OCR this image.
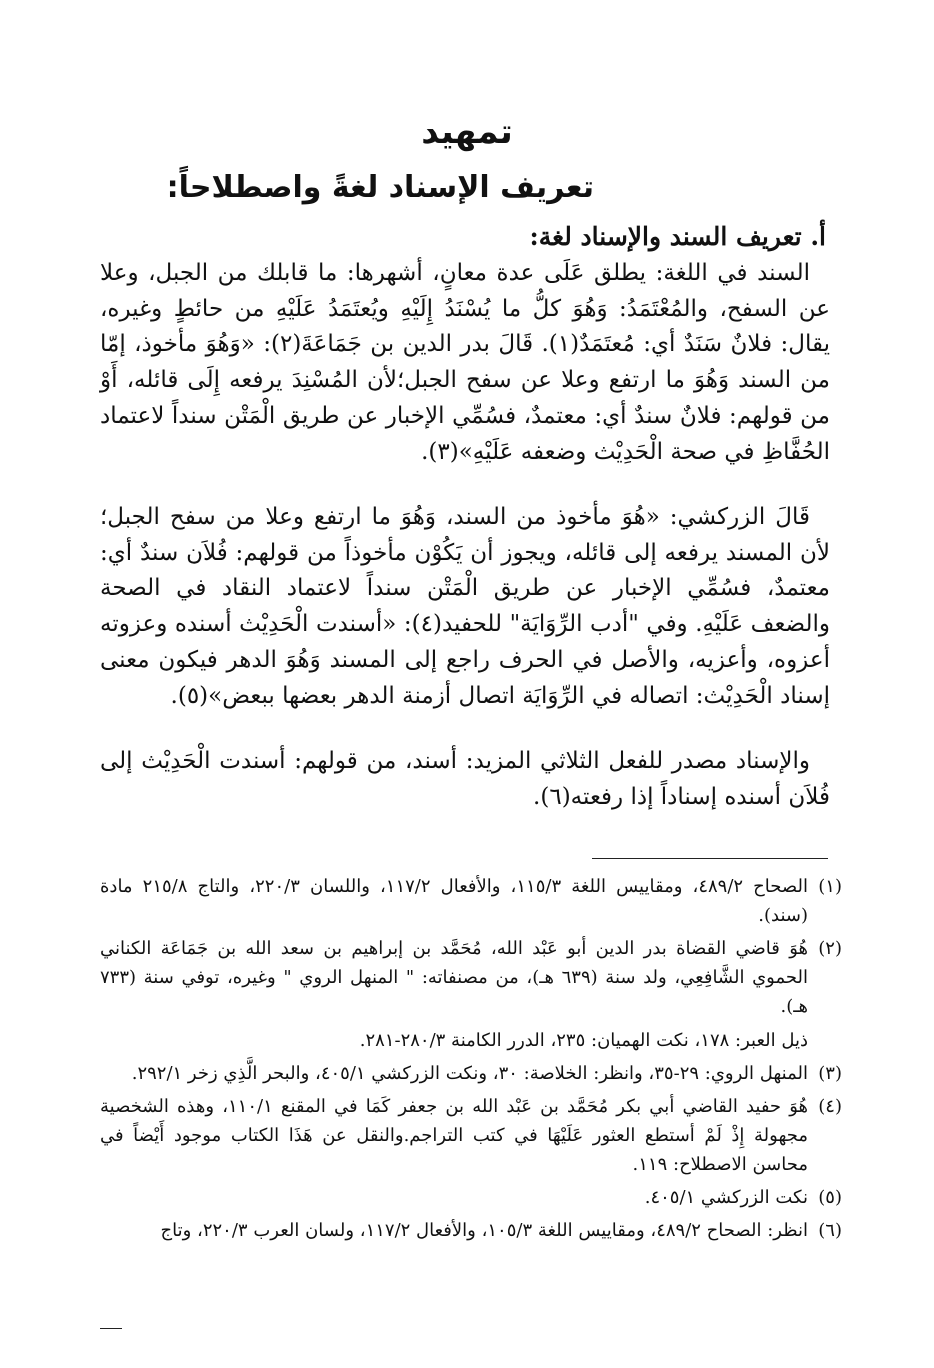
تمهيد
تعريف الإسناد لغةً واصطلاحاً:
أ. تعريف السند والإسناد لغة:
السند في اللغة: يطلق عَلَى عدة معانٍ، أشهرها: ما قابلك من الجبل، وعلا عن السفح، والمُعْتَمَدُ: وَهُوَ كلُّ ما يُسْنَدُ إِلَيْهِ ويُعتَمَدُ عَلَيْهِ من حائطٍ وغيره، يقال: فلانٌ سَنَدٌ أي: مُعتَمَدٌ(١). قَالَ بدر الدين بن جَمَاعَةَ(٢): «وَهُوَ مأخوذ، إمّا من السند وَهُوَ ما ارتفع وعلا عن سفح الجبل؛لأن المُسْنِدَ يرفعه إِلَى قائله، أَوْ من قولهم: فلانٌ سندٌ أي: معتمدٌ، فسُمِّي الإخبار عن طريق الْمَتْن سنداً لاعتماد الحُفَّاظِ في صحة الْحَدِيْث وضعفه عَلَيْهِ»(٣).
قَالَ الزركشي: «هُوَ مأخوذ من السند، وَهُوَ ما ارتفع وعلا من سفح الجبل؛ لأن المسند يرفعه إلى قائله، ويجوز أن يَكُوْن مأخوذاً من قولهم: فُلاَن سندٌ أي: معتمدٌ، فسُمِّي الإخبار عن طريق الْمَتْن سنداً لاعتماد النقاد في الصحة والضعف عَلَيْهِ. وفي "أدب الرِّوَايَة" للحفيد(٤): «أسندت الْحَدِيْث أسنده وعزوته أعزوه، وأعزيه، والأصل في الحرف راجع إلى المسند وَهُوَ الدهر فيكون معنى إسناد الْحَدِيْث: اتصاله في الرِّوَايَة اتصال أزمنة الدهر بعضها ببعض»(٥).
والإسناد مصدر للفعل الثلاثي المزيد: أسند، من قولهم: أسندت الْحَدِيْث إلى فُلاَن أسنده إسناداً إذا رفعته(٦).
(١)

الصحاح ٤٨٩/٢، ومقاييس اللغة ١١٥/٣، والأفعال ١١٧/٢، واللسان ٢٢٠/٣، والتاج ٢١٥/٨ مادة (سند).

(٢)

هُوَ قاضي القضاة بدر الدين أبو عَبْد الله، مُحَمَّد بن إبراهيم بن سعد الله بن جَمَاعَة الكناني الحموي الشَّافِعِي، ولد سنة (٦٣٩ هـ)، من مصنفاته: " المنهل الروي " وغيره، توفي سنة (٧٣٣ هـ).

ذيل العبر: ١٧٨، نكت الهميان: ٢٣٥، الدرر الكامنة ٢٨٠/٣-٢٨١.

(٣)

المنهل الروي: ٢٩-٣٥، وانظر: الخلاصة: ٣٠، ونكت الزركشي ٤٠٥/١، والبحر الَّذِي زخر ٢٩٢/١.

(٤)

هُوَ حفيد القاضي أبي بكر مُحَمَّد بن عَبْد الله بن جعفر كَمَا في المقنع ١١٠/١، وهذه الشخصية مجهولة إِذْ لَمْ أستطع العثور عَلَيْهَا في كتب التراجم.والنقل عن هَذَا الكتاب موجود أَيْضاً في محاسن الاصطلاح: ١١٩.

(٥)

نكت الزركشي ٤٠٥/١.

(٦)

انظر: الصحاح ٤٨٩/٢، ومقاييس اللغة ١٠٥/٣، والأفعال ١١٧/٢، ولسان العرب ٢٢٠/٣، وتاج
